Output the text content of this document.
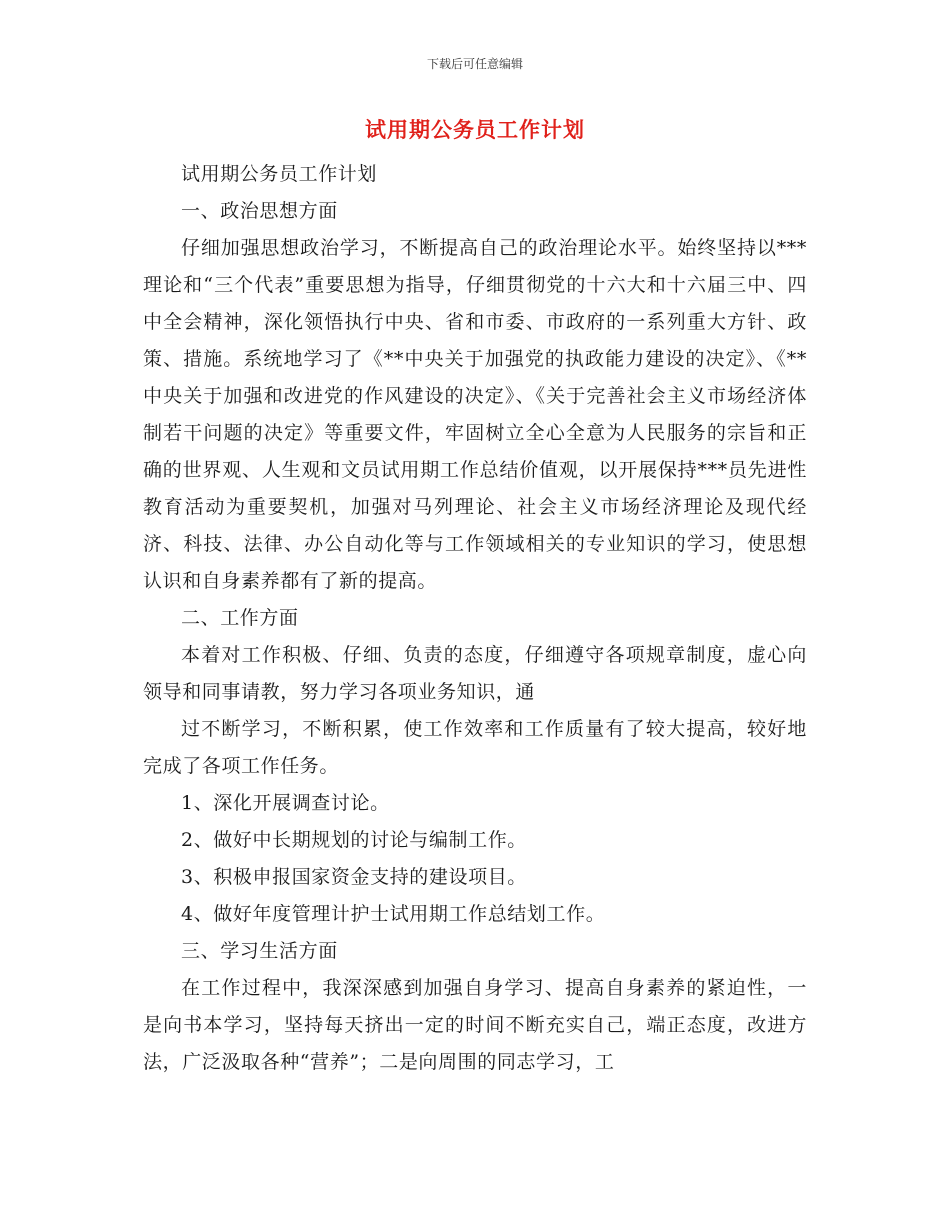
下载后可任意编辑
试用期公务员工作计划

试用期公务员工作计划

一、政治思想方面

仔细加强思想政治学习，不断提高自己的政治理论水平。始终坚持以***理论和“三个代表”重要思想为指导，仔细贯彻党的十六大和十六届三中、四中全会精神，深化领悟执行中央、省和市委、市政府的一系列重大方针、政策、措施。系统地学习了《**中央关于加强党的执政能力建设的决定》、《**中央关于加强和改进党的作风建设的决定》、《关于完善社会主义市场经济体制若干问题的决定》等重要文件，牢固树立全心全意为人民服务的宗旨和正确的世界观、人生观和文员试用期工作总结价值观，以开展保持***员先进性教育活动为重要契机，加强对马列理论、社会主义市场经济理论及现代经济、科技、法律、办公自动化等与工作领域相关的专业知识的学习，使思想认识和自身素养都有了新的提高。

二、工作方面

本着对工作积极、仔细、负责的态度，仔细遵守各项规章制度，虚心向领导和同事请教，努力学习各项业务知识，通

过不断学习，不断积累，使工作效率和工作质量有了较大提高，较好地完成了各项工作任务。

1、深化开展调查讨论。

2、做好中长期规划的讨论与编制工作。

3、积极申报国家资金支持的建设项目。

4、做好年度管理计护士试用期工作总结划工作。

三、学习生活方面

在工作过程中，我深深感到加强自身学习、提高自身素养的紧迫性，一是向书本学习，坚持每天挤出一定的时间不断充实自己，端正态度，改进方法，广泛汲取各种“营养”；二是向周围的同志学习，工
